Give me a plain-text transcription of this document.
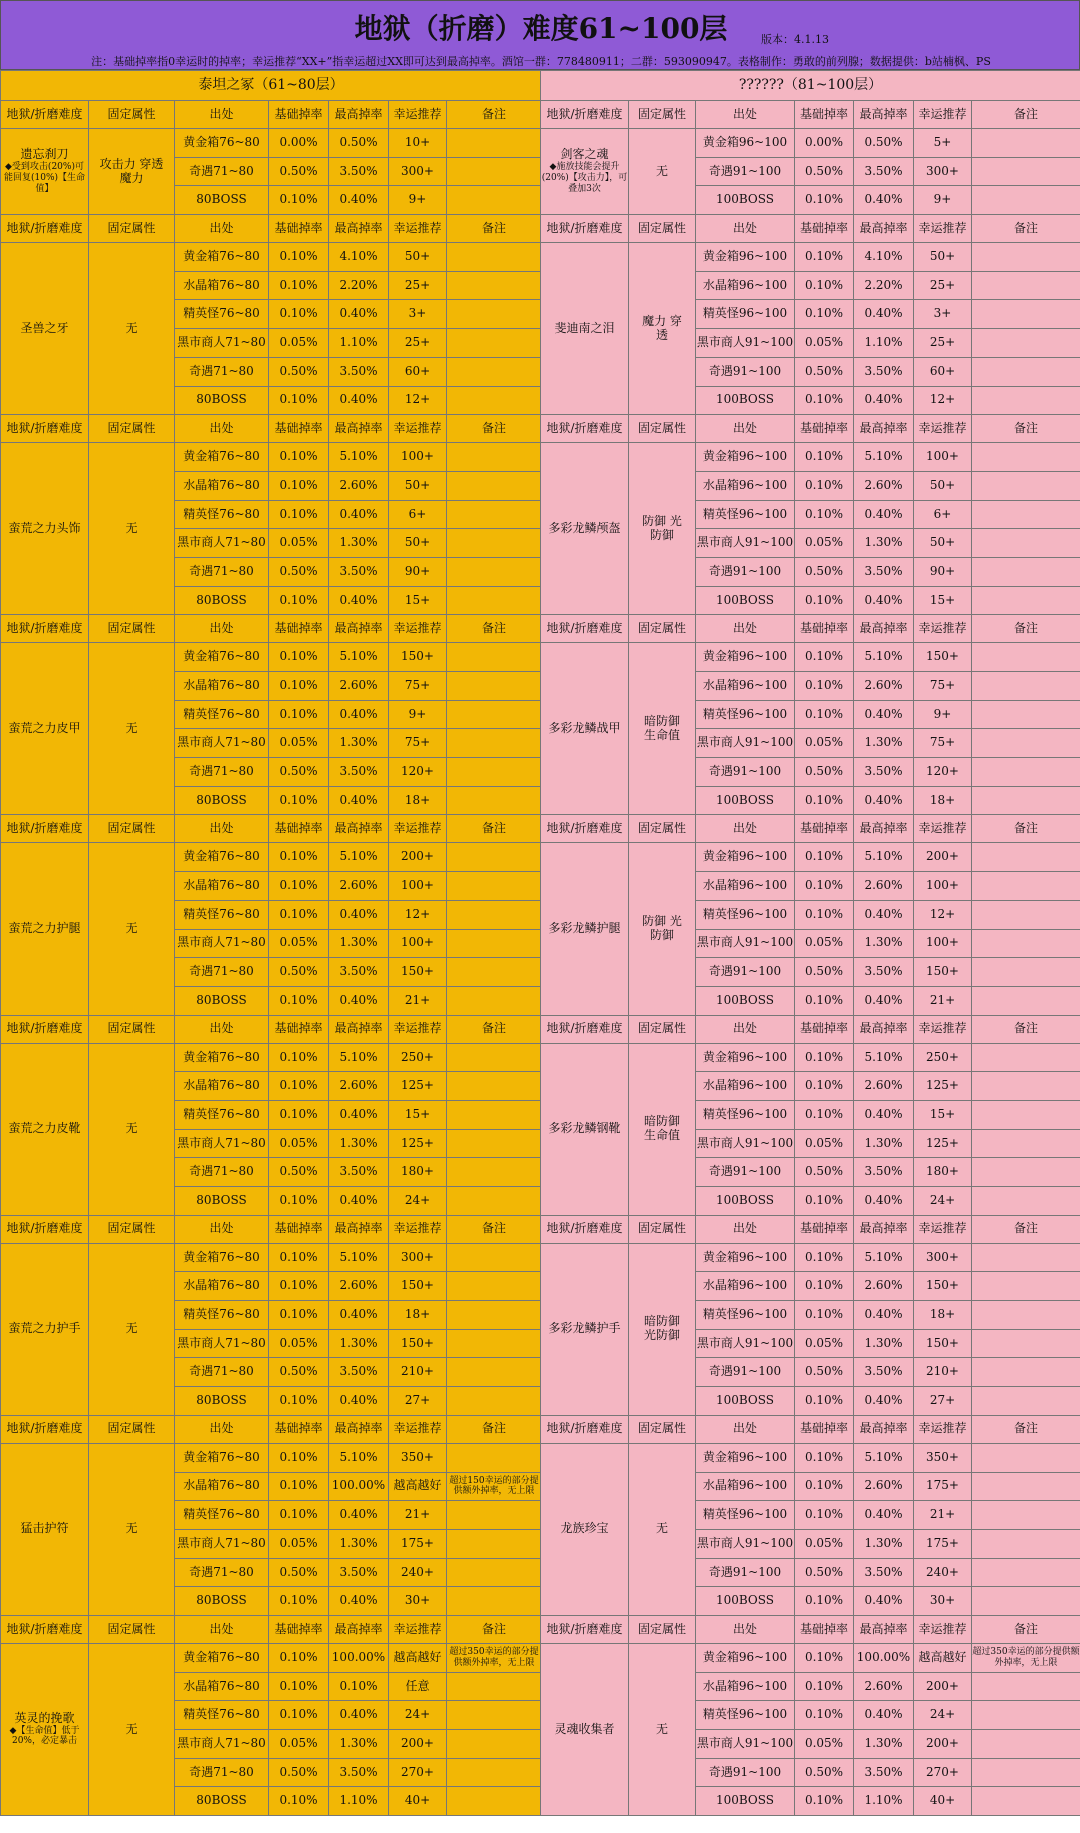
地狱（折磨）难度61~100层	版本：4.1.13
注：基础掉率指0幸运时的掉率；幸运推荐“XX+”指幸运超过XX即可达到最高掉率。酒馆一群：778480911；二群：593090947。表格制作：勇敢的前列腺；数据提供：b站楠枫、PS
泰坦之冢（61~80层）						
地狱/折磨难度	固定属性	出处	基础掉率	最高掉率	幸运推荐	备注

遗忘刹刀
◆受到攻击(20%)可能回复(10%)【生命值】	攻击力 穿透 魔力	黄金箱76~80	0.00%	0.50%	10+	
		奇遇71~80	0.50%	3.50%	300+	
		80BOSS	0.10%	0.40%	9+	
地狱/折磨难度	固定属性	出处	基础掉率	最高掉率	幸运推荐	备注

圣兽之牙	无	黄金箱76~80	0.10%	4.10%	50+	
		水晶箱76~80	0.10%	2.20%	25+	
		精英怪76~80	0.10%	0.40%	3+	
		黑市商人71~80	0.05%	1.10%	25+	
		奇遇71~80	0.50%	3.50%	60+	
		80BOSS	0.10%	0.40%	12+	
地狱/折磨难度	固定属性	出处	基础掉率	最高掉率	幸运推荐	备注

蛮荒之力头饰	无	黄金箱76~80	0.10%	5.10%	100+	
		水晶箱76~80	0.10%	2.60%	50+	
		精英怪76~80	0.10%	0.40%	6+	
		黑市商人71~80	0.05%	1.30%	50+	
		奇遇71~80	0.50%	3.50%	90+	
		80BOSS	0.10%	0.40%	15+	
地狱/折磨难度	固定属性	出处	基础掉率	最高掉率	幸运推荐	备注

蛮荒之力皮甲	无	黄金箱76~80	0.10%	5.10%	150+	
		水晶箱76~80	0.10%	2.60%	75+	
		精英怪76~80	0.10%	0.40%	9+	
		黑市商人71~80	0.05%	1.30%	75+	
		奇遇71~80	0.50%	3.50%	120+	
		80BOSS	0.10%	0.40%	18+	
地狱/折磨难度	固定属性	出处	基础掉率	最高掉率	幸运推荐	备注

蛮荒之力护腿	无	黄金箱76~80	0.10%	5.10%	200+	
		水晶箱76~80	0.10%	2.60%	100+	
		精英怪76~80	0.10%	0.40%	12+	
		黑市商人71~80	0.05%	1.30%	100+	
		奇遇71~80	0.50%	3.50%	150+	
		80BOSS	0.10%	0.40%	21+	
地狱/折磨难度	固定属性	出处	基础掉率	最高掉率	幸运推荐	备注

蛮荒之力皮靴	无	黄金箱76~80	0.10%	5.10%	250+	
		水晶箱76~80	0.10%	2.60%	125+	
		精英怪76~80	0.10%	0.40%	15+	
		黑市商人71~80	0.05%	1.30%	125+	
		奇遇71~80	0.50%	3.50%	180+	
		80BOSS	0.10%	0.40%	24+	
地狱/折磨难度	固定属性	出处	基础掉率	最高掉率	幸运推荐	备注

蛮荒之力护手	无	黄金箱76~80	0.10%	5.10%	300+	
		水晶箱76~80	0.10%	2.60%	150+	
		精英怪76~80	0.10%	0.40%	18+	
		黑市商人71~80	0.05%	1.30%	150+	
		奇遇71~80	0.50%	3.50%	210+	
		80BOSS	0.10%	0.40%	27+	
地狱/折磨难度	固定属性	出处	基础掉率	最高掉率	幸运推荐	备注

猛击护符	无	黄金箱76~80	0.10%	5.10%	350+	
		水晶箱76~80	0.10%	100.00%	越高越好	超过150幸运的部分提供额外掉率，无上限
		精英怪76~80	0.10%	0.40%	21+	
		黑市商人71~80	0.05%	1.30%	175+	
		奇遇71~80	0.50%	3.50%	240+	
		80BOSS	0.10%	0.40%	30+	
地狱/折磨难度	固定属性	出处	基础掉率	最高掉率	幸运推荐	备注

英灵的挽歌
◆【生命值】低于20%，必定暴击	无	黄金箱76~80	0.10%	100.00%	越高越好	超过350幸运的部分提供额外掉率，无上限
		水晶箱76~80	0.10%	0.10%	任意	
		精英怪76~80	0.10%	0.40%	24+	
		黑市商人71~80	0.05%	1.30%	200+	
		奇遇71~80	0.50%	3.50%	270+	
		80BOSS	0.10%	1.10%	40+	
??????（81~100层）						
地狱/折磨难度	固定属性	出处	基础掉率	最高掉率	幸运推荐	备注

剑客之魂
◆施放技能会提升(20%)【攻击力】，可叠加3次	无	黄金箱96~100	0.00%	0.50%	5+	
		奇遇91~100	0.50%	3.50%	300+	
		100BOSS	0.10%	0.40%	9+	
地狱/折磨难度	固定属性	出处	基础掉率	最高掉率	幸运推荐	备注

斐迪南之泪	魔力 穿透	黄金箱96~100	0.10%	4.10%	50+	
		水晶箱96~100	0.10%	2.20%	25+	
		精英怪96~100	0.10%	0.40%	3+	
		黑市商人91~100	0.05%	1.10%	25+	
		奇遇91~100	0.50%	3.50%	60+	
		100BOSS	0.10%	0.40%	12+	
地狱/折磨难度	固定属性	出处	基础掉率	最高掉率	幸运推荐	备注

多彩龙鳞颅盔	防御 光防御	黄金箱96~100	0.10%	5.10%	100+	
		水晶箱96~100	0.10%	2.60%	50+	
		精英怪96~100	0.10%	0.40%	6+	
		黑市商人91~100	0.05%	1.30%	50+	
		奇遇91~100	0.50%	3.50%	90+	
		100BOSS	0.10%	0.40%	15+	
地狱/折磨难度	固定属性	出处	基础掉率	最高掉率	幸运推荐	备注

多彩龙鳞战甲	暗防御 生命值	黄金箱96~100	0.10%	5.10%	150+	
		水晶箱96~100	0.10%	2.60%	75+	
		精英怪96~100	0.10%	0.40%	9+	
		黑市商人91~100	0.05%	1.30%	75+	
		奇遇91~100	0.50%	3.50%	120+	
		100BOSS	0.10%	0.40%	18+	
地狱/折磨难度	固定属性	出处	基础掉率	最高掉率	幸运推荐	备注

多彩龙鳞护腿	防御 光防御	黄金箱96~100	0.10%	5.10%	200+	
		水晶箱96~100	0.10%	2.60%	100+	
		精英怪96~100	0.10%	0.40%	12+	
		黑市商人91~100	0.05%	1.30%	100+	
		奇遇91~100	0.50%	3.50%	150+	
		100BOSS	0.10%	0.40%	21+	
地狱/折磨难度	固定属性	出处	基础掉率	最高掉率	幸运推荐	备注

多彩龙鳞钢靴	暗防御 生命值	黄金箱96~100	0.10%	5.10%	250+	
		水晶箱96~100	0.10%	2.60%	125+	
		精英怪96~100	0.10%	0.40%	15+	
		黑市商人91~100	0.05%	1.30%	125+	
		奇遇91~100	0.50%	3.50%	180+	
		100BOSS	0.10%	0.40%	24+	
地狱/折磨难度	固定属性	出处	基础掉率	最高掉率	幸运推荐	备注

多彩龙鳞护手	暗防御 光防御	黄金箱96~100	0.10%	5.10%	300+	
		水晶箱96~100	0.10%	2.60%	150+	
		精英怪96~100	0.10%	0.40%	18+	
		黑市商人91~100	0.05%	1.30%	150+	
		奇遇91~100	0.50%	3.50%	210+	
		100BOSS	0.10%	0.40%	27+	
地狱/折磨难度	固定属性	出处	基础掉率	最高掉率	幸运推荐	备注

龙族珍宝	无	黄金箱96~100	0.10%	5.10%	350+	
		水晶箱96~100	0.10%	2.60%	175+	
		精英怪96~100	0.10%	0.40%	21+	
		黑市商人91~100	0.05%	1.30%	175+	
		奇遇91~100	0.50%	3.50%	240+	
		100BOSS	0.10%	0.40%	30+	
地狱/折磨难度	固定属性	出处	基础掉率	最高掉率	幸运推荐	备注

灵魂收集者	无	黄金箱96~100	0.10%	100.00%	越高越好	超过350幸运的部分提供额外掉率，无上限
		水晶箱96~100	0.10%	2.60%	200+	
		精英怪96~100	0.10%	0.40%	24+	
		黑市商人91~100	0.05%	1.30%	200+	
		奇遇91~100	0.50%	3.50%	270+	
		100BOSS	0.10%	1.10%	40+	
